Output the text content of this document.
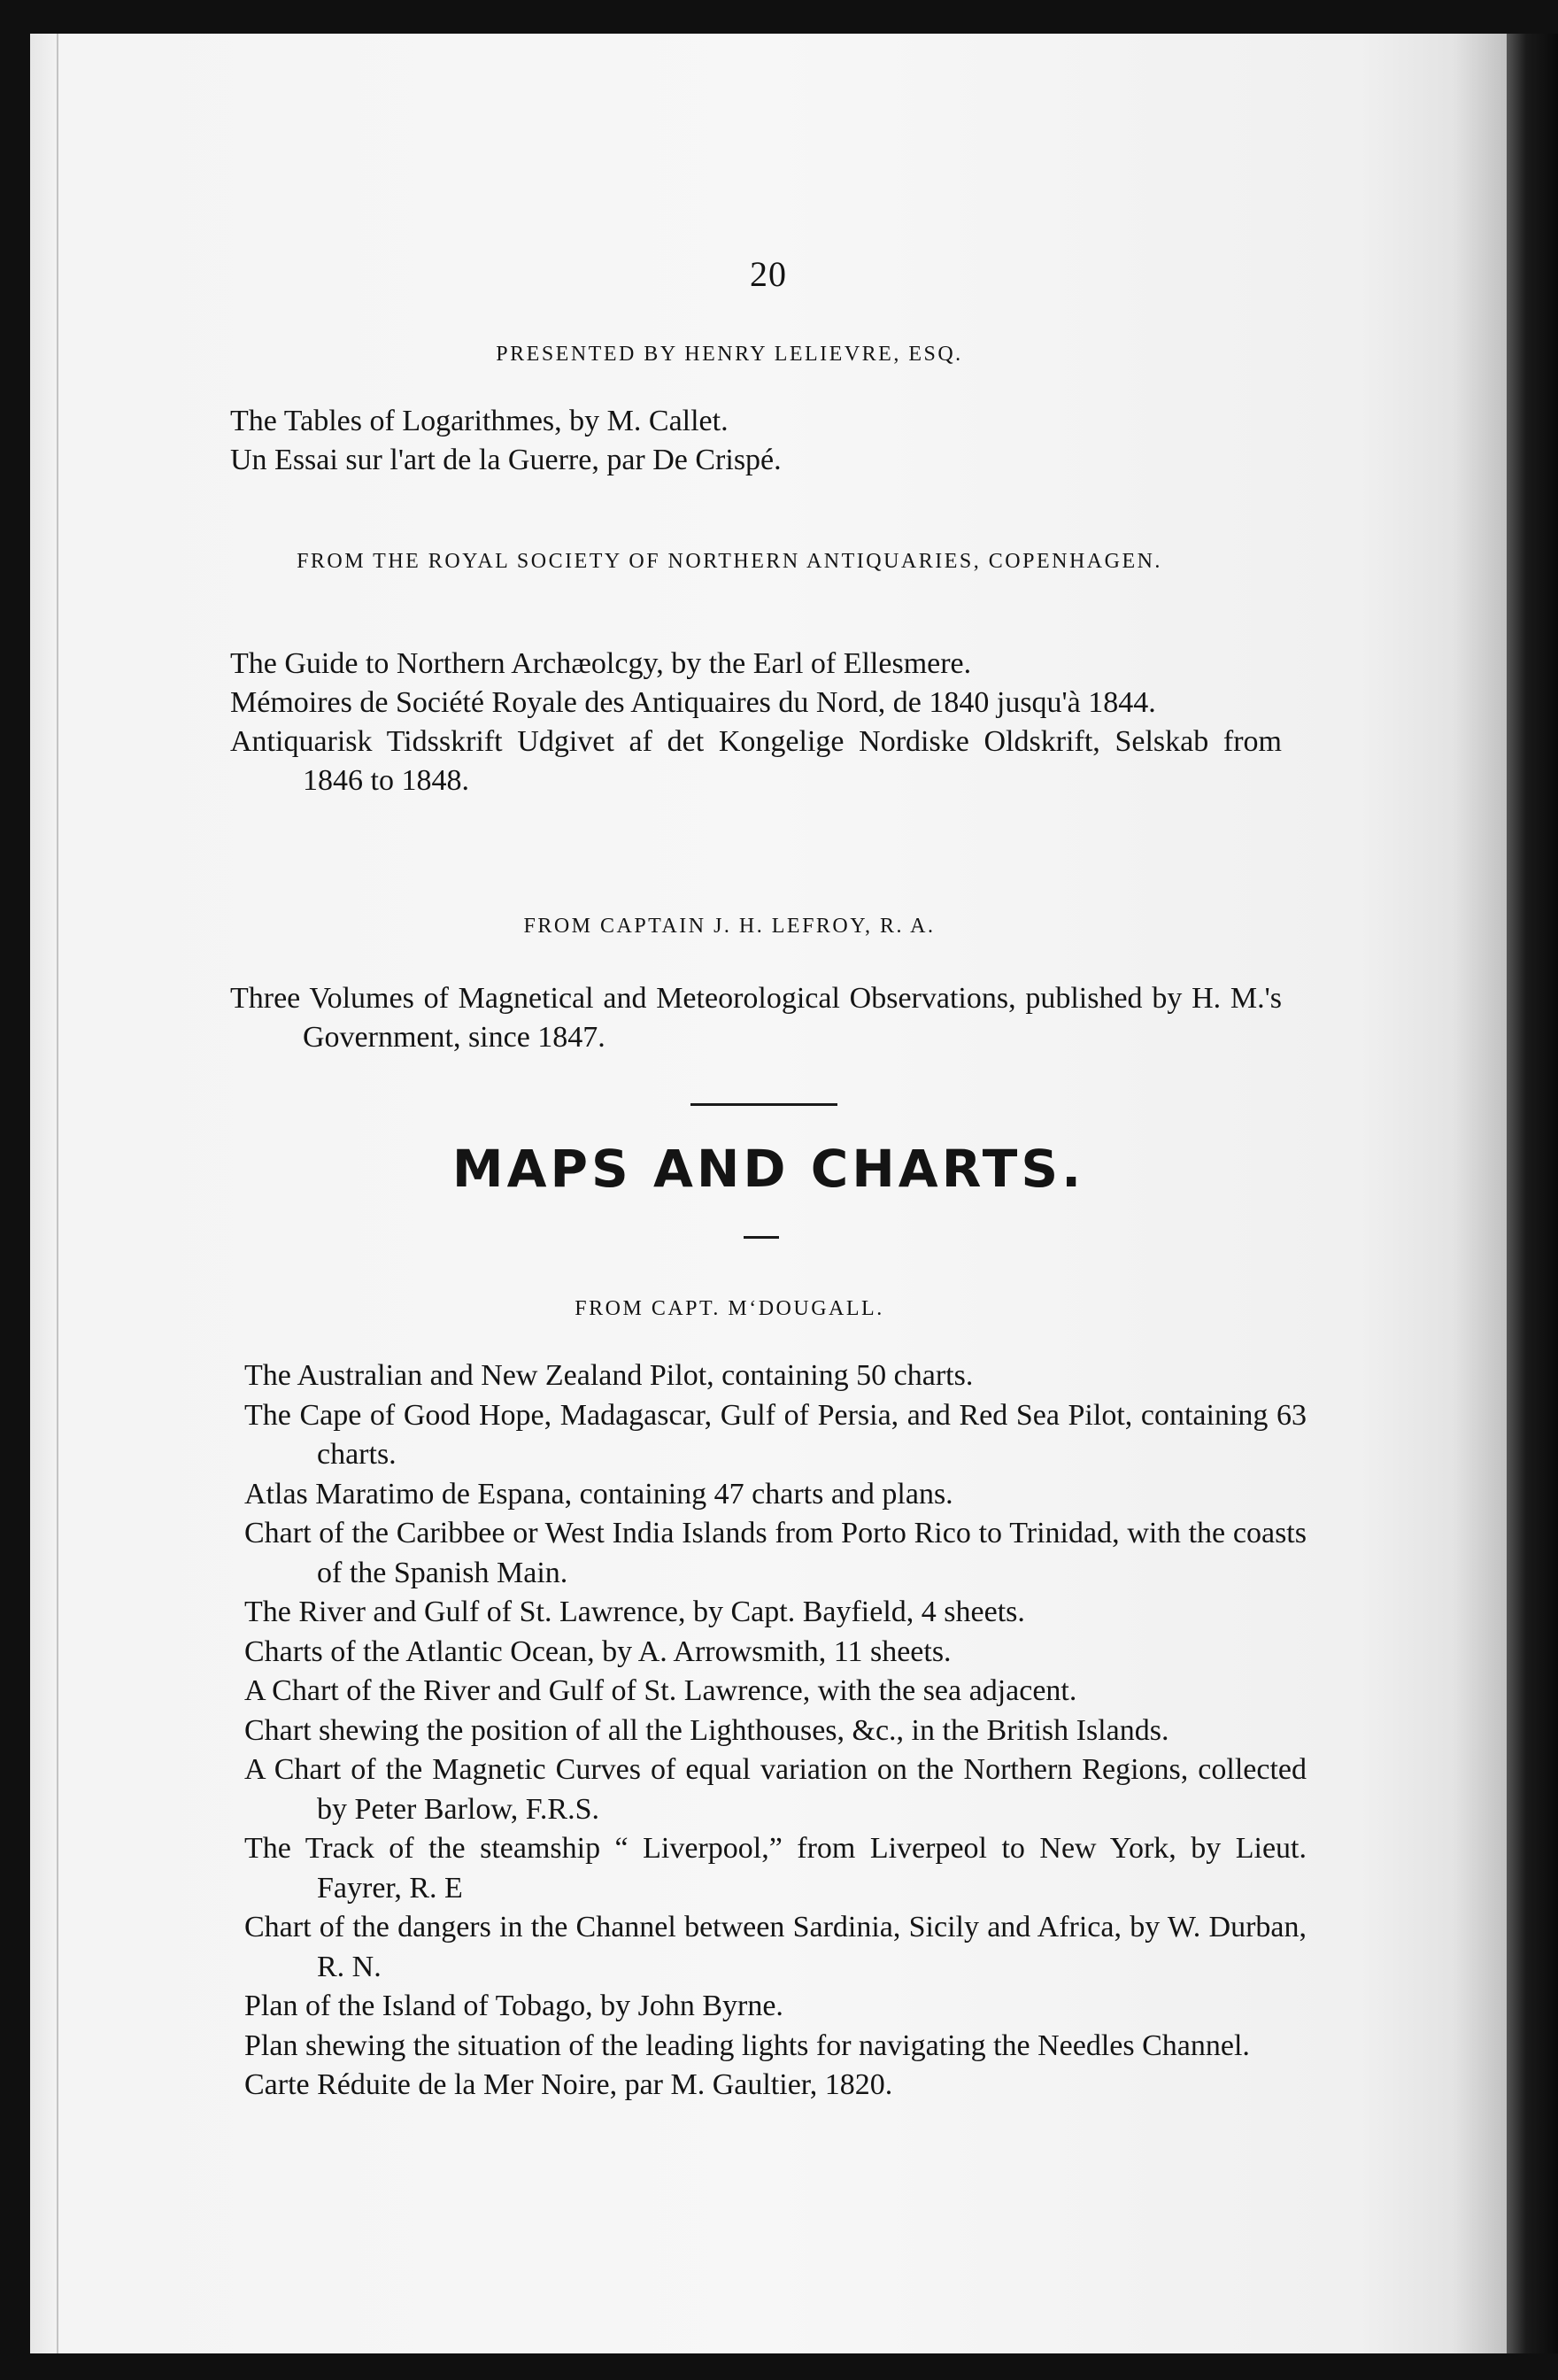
20
PRESENTED BY HENRY LELIEVRE, ESQ.
The Tables of Logarithmes, by M. Callet.
Un Essai sur l'art de la Guerre, par De Crispé.
FROM THE ROYAL SOCIETY OF NORTHERN ANTIQUARIES, COPENHAGEN.
The Guide to Northern Archæolcgy, by the Earl of Ellesmere.
Mémoires de Société Royale des Antiquaires du Nord, de 1840 jusqu'à 1844.
Antiquarisk Tidsskrift Udgivet af det Kongelige Nordiske Oldskrift, Selskab from 1846 to 1848.
FROM CAPTAIN J. H. LEFROY, R. A.
Three Volumes of Magnetical and Meteorological Observations, published by H. M.'s Government, since 1847.
MAPS AND CHARTS.
FROM CAPT. MʻDOUGALL.
The Australian and New Zealand Pilot, containing 50 charts.
The Cape of Good Hope, Madagascar, Gulf of Persia, and Red Sea Pilot, containing 63 charts.
Atlas Maratimo de Espana, containing 47 charts and plans.
Chart of the Caribbee or West India Islands from Porto Rico to Trinidad, with the coasts of the Spanish Main.
The River and Gulf of St. Lawrence, by Capt. Bayfield, 4 sheets.
Charts of the Atlantic Ocean, by A. Arrowsmith, 11 sheets.
A Chart of the River and Gulf of St. Lawrence, with the sea adjacent.
Chart shewing the position of all the Lighthouses, &c., in the British Islands.
A Chart of the Magnetic Curves of equal variation on the Northern Regions, collected by Peter Barlow, F.R.S.
The Track of the steamship “ Liverpool,” from Liverpeol to New York, by Lieut. Fayrer, R. E
Chart of the dangers in the Channel between Sardinia, Sicily and Africa, by W. Durban, R. N.
Plan of the Island of Tobago, by John Byrne.
Plan shewing the situation of the leading lights for navigating the Needles Channel.
Carte Réduite de la Mer Noire, par M. Gaultier, 1820.
